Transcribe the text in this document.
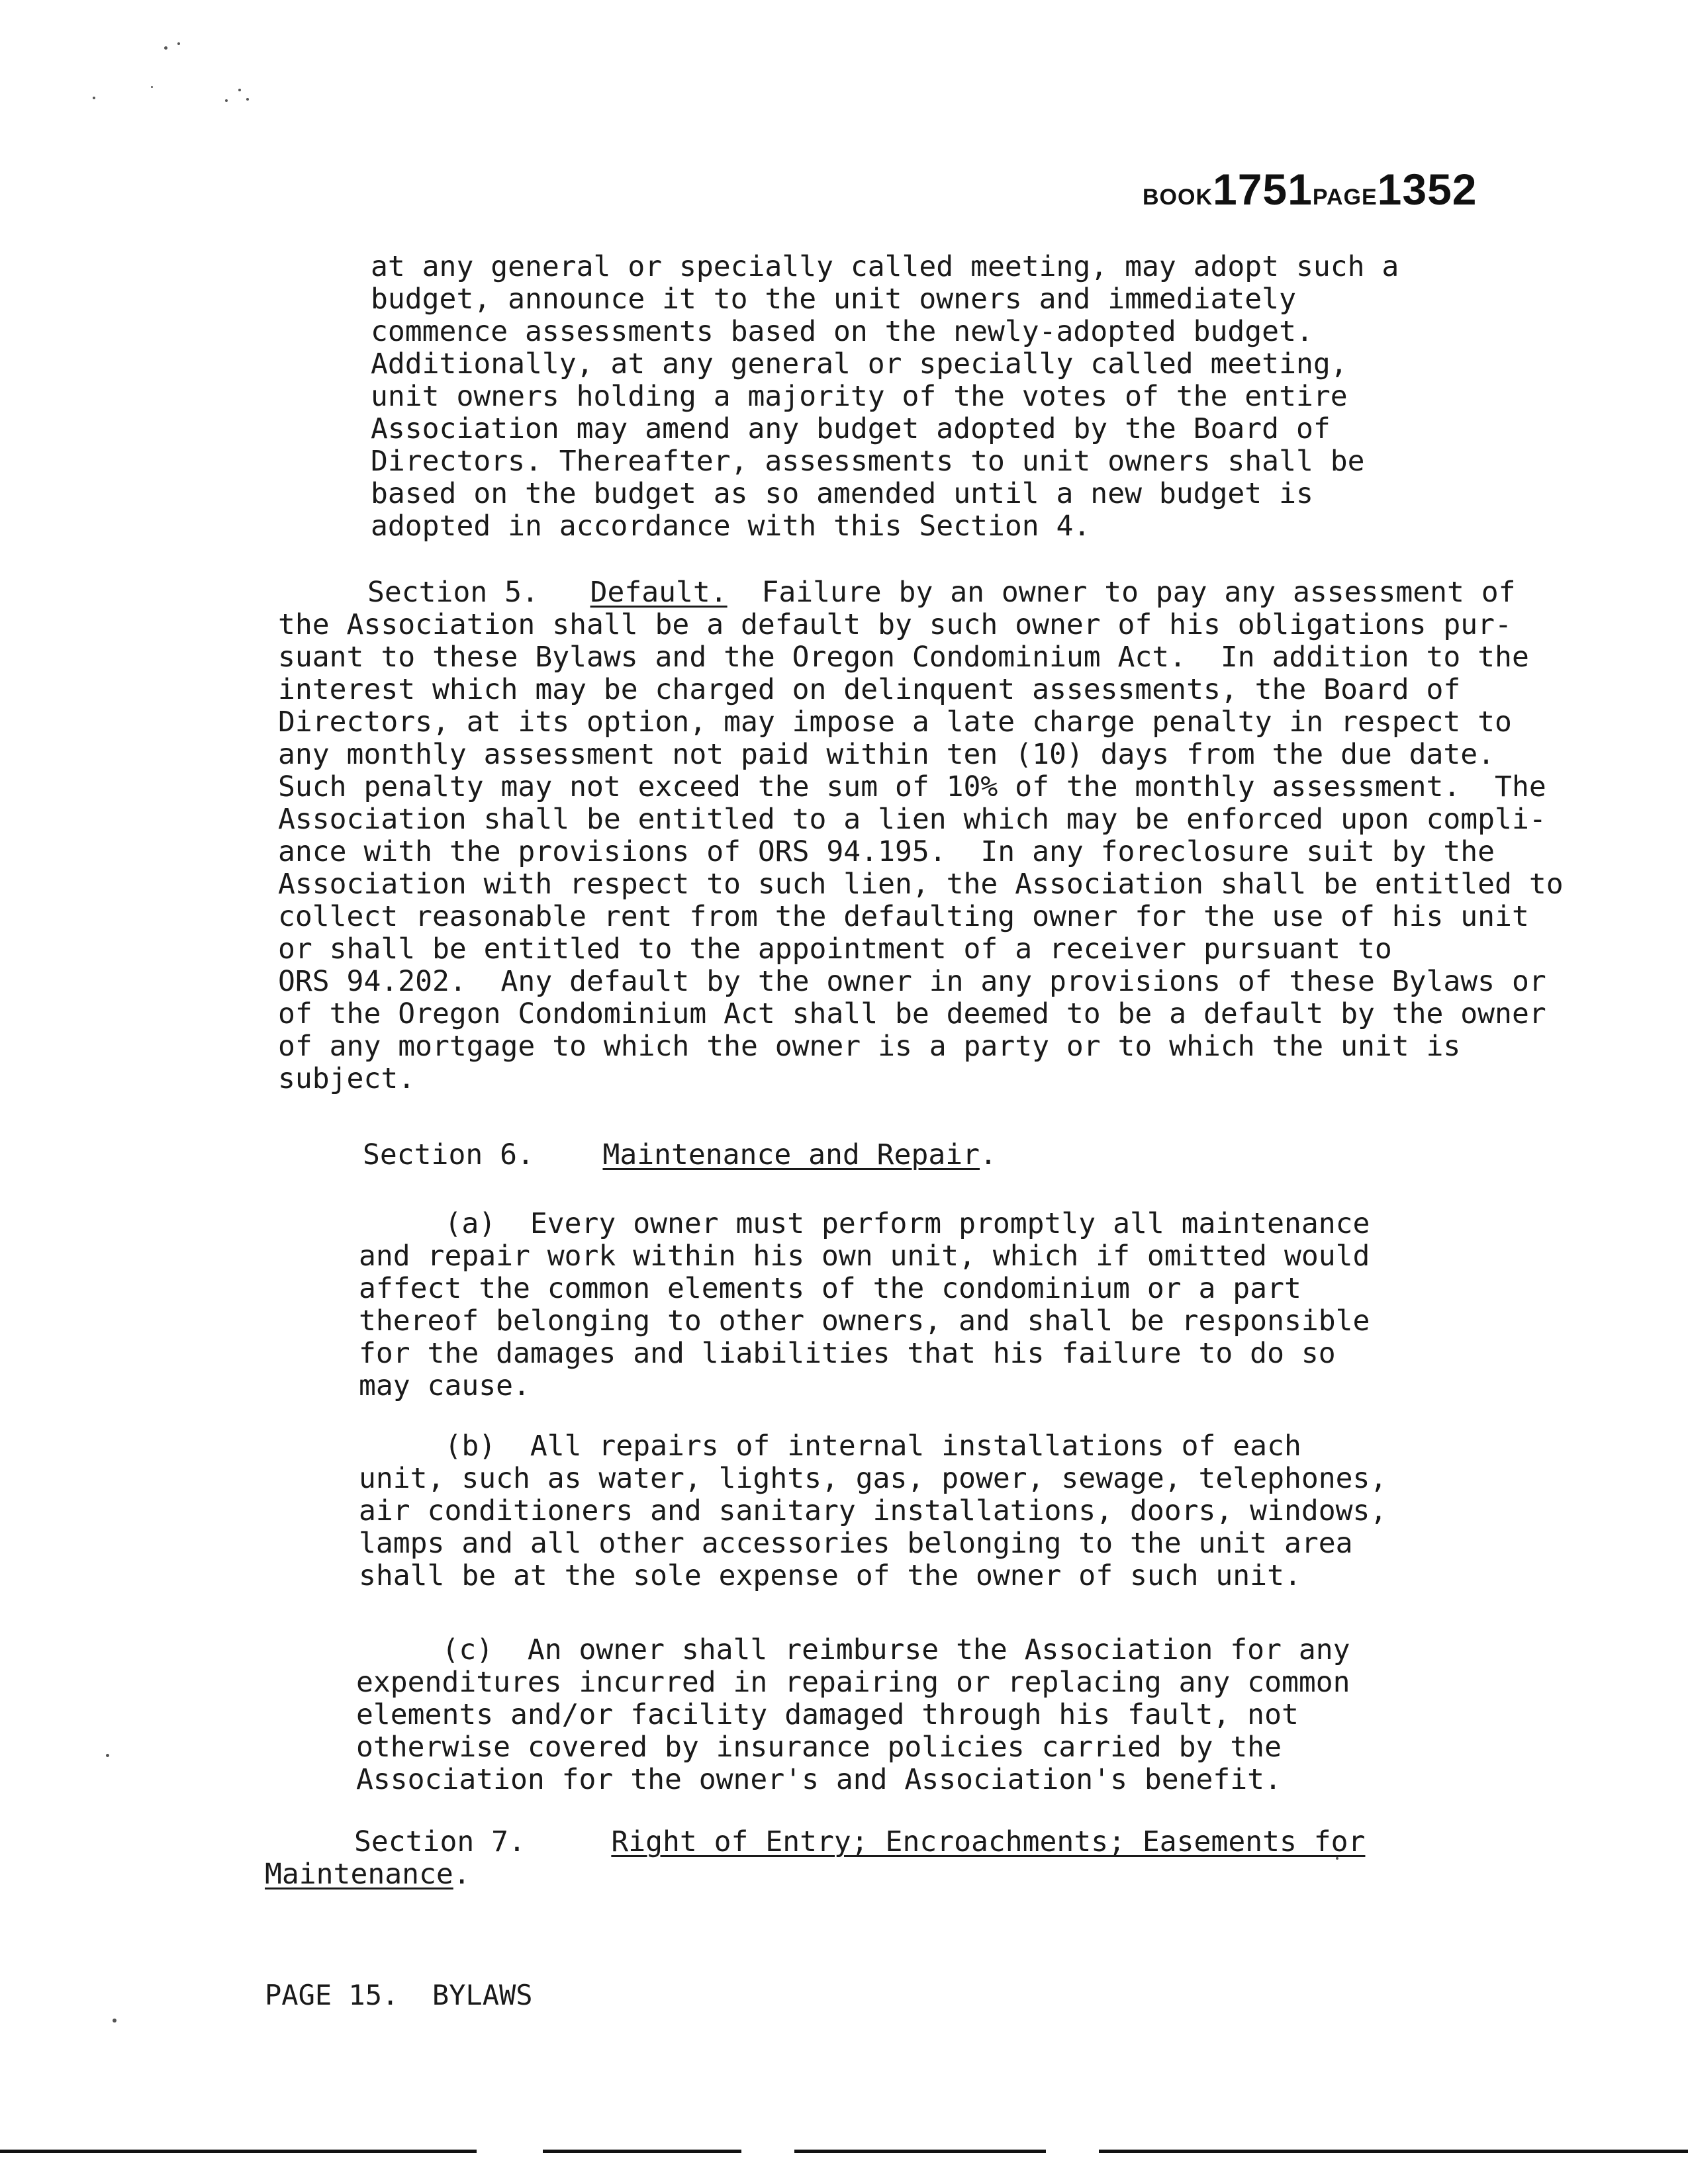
BOOK1751PAGE1352

at any general or specially called meeting, may adopt such a
budget, announce it to the unit owners and immediately
commence assessments based on the newly-adopted budget.
Additionally, at any general or specially called meeting,
unit owners holding a majority of the votes of the entire
Association may amend any budget adopted by the Board of
Directors. Thereafter, assessments to unit owners shall be
based on the budget as so amended until a new budget is
adopted in accordance with this Section 4.

Section 5. Default. Failure by an owner to pay any assessment of
the Association shall be a default by such owner of his obligations pur-
suant to these Bylaws and the Oregon Condominium Act.  In addition to the
interest which may be charged on delinquent assessments, the Board of
Directors, at its option, may impose a late charge penalty in respect to
any monthly assessment not paid within ten (10) days from the due date.
Such penalty may not exceed the sum of 10% of the monthly assessment.  The
Association shall be entitled to a lien which may be enforced upon compli-
ance with the provisions of ORS 94.195.  In any foreclosure suit by the
Association with respect to such lien, the Association shall be entitled to
collect reasonable rent from the defaulting owner for the use of his unit
or shall be entitled to the appointment of a receiver pursuant to
ORS 94.202.  Any default by the owner in any provisions of these Bylaws or
of the Oregon Condominium Act shall be deemed to be a default by the owner
of any mortgage to which the owner is a party or to which the unit is
subject.

Section 6. Maintenance and Repair.

(a)  Every owner must perform promptly all maintenance
and repair work within his own unit, which if omitted would
affect the common elements of the condominium or a part
thereof belonging to other owners, and shall be responsible
for the damages and liabilities that his failure to do so
may cause.

(b)  All repairs of internal installations of each
unit, such as water, lights, gas, power, sewage, telephones,
air conditioners and sanitary installations, doors, windows,
lamps and all other accessories belonging to the unit area
shall be at the sole expense of the owner of such unit.

(c)  An owner shall reimburse the Association for any
expenditures incurred in repairing or replacing any common
elements and/or facility damaged through his fault, not
otherwise covered by insurance policies carried by the
Association for the owner's and Association's benefit.

Section 7.	Right of Entry; Encroachments; Easements for
Maintenance.

PAGE 15.  BYLAWS
